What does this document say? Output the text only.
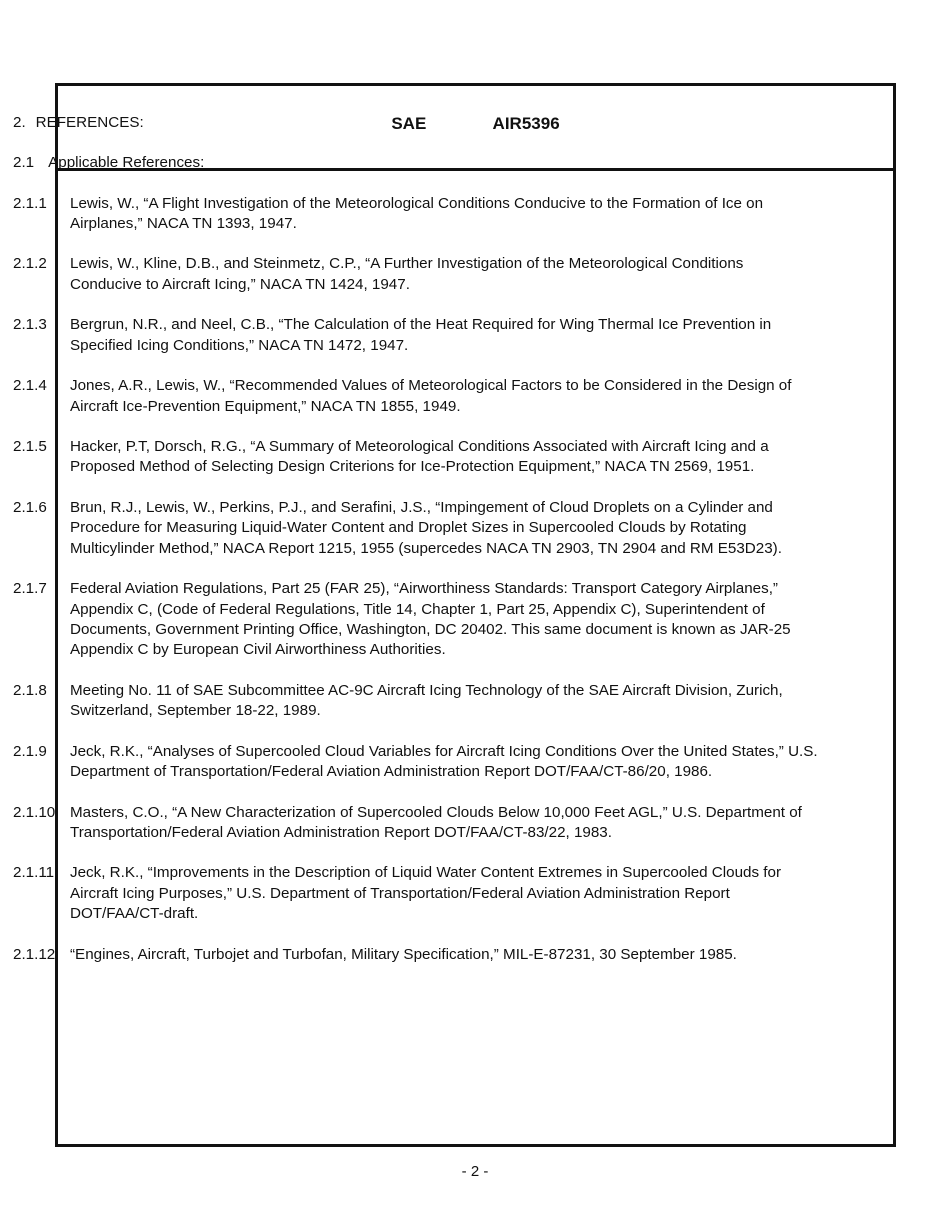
SAE    AIR5396
2. REFERENCES:
2.1 Applicable References:
2.1.1 Lewis, W., “A Flight Investigation of the Meteorological Conditions Conducive to the Formation of Ice on Airplanes,” NACA TN 1393, 1947.
2.1.2 Lewis, W., Kline, D.B., and Steinmetz, C.P., “A Further Investigation of the Meteorological Conditions Conducive to Aircraft Icing,” NACA TN 1424, 1947.
2.1.3 Bergrun, N.R., and Neel, C.B., “The Calculation of the Heat Required for Wing Thermal Ice Prevention in Specified Icing Conditions,” NACA TN 1472, 1947.
2.1.4 Jones, A.R., Lewis, W., “Recommended Values of Meteorological Factors to be Considered in the Design of Aircraft Ice-Prevention Equipment,” NACA TN 1855, 1949.
2.1.5 Hacker, P.T, Dorsch, R.G., “A Summary of Meteorological Conditions Associated with Aircraft Icing and a Proposed Method of Selecting Design Criterions for Ice-Protection Equipment,” NACA TN 2569, 1951.
2.1.6 Brun, R.J., Lewis, W., Perkins, P.J., and Serafini, J.S., “Impingement of Cloud Droplets on a Cylinder and Procedure for Measuring Liquid-Water Content and Droplet Sizes in Supercooled Clouds by Rotating Multicylinder Method,” NACA Report 1215, 1955 (supercedes NACA TN 2903, TN 2904 and RM E53D23).
2.1.7 Federal Aviation Regulations, Part 25 (FAR 25), “Airworthiness Standards: Transport Category Airplanes,” Appendix C, (Code of Federal Regulations, Title 14, Chapter 1, Part 25, Appendix C), Superintendent of Documents, Government Printing Office, Washington, DC 20402. This same document is known as JAR-25 Appendix C by European Civil Airworthiness Authorities.
2.1.8 Meeting No. 11 of SAE Subcommittee AC-9C Aircraft Icing Technology of the SAE Aircraft Division, Zurich, Switzerland, September 18-22, 1989.
2.1.9 Jeck, R.K., “Analyses of Supercooled Cloud Variables for Aircraft Icing Conditions Over the United States,” U.S. Department of Transportation/Federal Aviation Administration Report DOT/FAA/CT-86/20, 1986.
2.1.10 Masters, C.O., “A New Characterization of Supercooled Clouds Below 10,000 Feet AGL,” U.S. Department of Transportation/Federal Aviation Administration Report DOT/FAA/CT-83/22, 1983.
2.1.11 Jeck, R.K., “Improvements in the Description of Liquid Water Content Extremes in Supercooled Clouds for Aircraft Icing Purposes,” U.S. Department of Transportation/Federal Aviation Administration Report DOT/FAA/CT-draft.
2.1.12 “Engines, Aircraft, Turbojet and Turbofan, Military Specification,” MIL-E-87231, 30 September 1985.
- 2 -
